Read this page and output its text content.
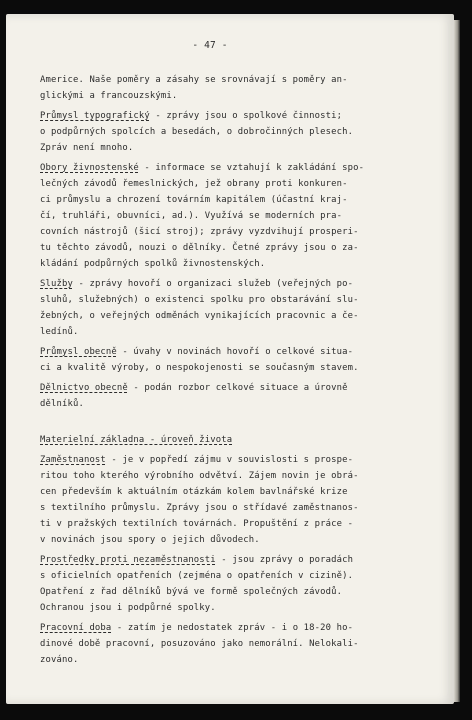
- 47 -
Americe. Naše poměry a zásahy se srovnávají s poměry an-
glickými a francouzskými.
Průmysl typografický - zprávy jsou o spolkové činnosti;
o podpůrných spolcích a besedách, o dobročinných plesech.
Zpráv není mnoho.
Obory živnostenské - informace se vztahují k zakládání spo-
lečných závodů řemeslnických, jež obrany proti konkuren-
ci průmyslu a chrození továrním kapitálem (účastní kraj-
čí, truhláři, obuvníci, ad.). Využívá se moderních pra-
covních nástrojů (šicí stroj); zprávy vyzdvihují prosperi-
tu těchto závodů, nouzi o dělníky. Četné zprávy jsou o za-
kládání podpůrných spolků živnostenských.
Služby - zprávy hovoří o organizaci služeb (veřejných po-
sluhů, služebných) o existenci spolku pro obstarávání slu-
žebných, o veřejných odměnách vynikajících pracovnic a če-
ledínů.
Průmysl obecně - úvahy v novinách hovoří o celkové situa-
ci a kvalitě výroby, o nespokojenosti se současným stavem.
Dělnictvo obecně - podán rozbor celkové situace a úrovně
dělníků.
Materielní základna - úroveň života
Zaměstnanost - je v popředí zájmu v souvislosti s prospe-
ritou toho kterého výrobního odvětví. Zájem novin je obrá-
cen především k aktuálním otázkám kolem bavlnářské krize
s textilního průmyslu. Zprávy jsou o střídavé zaměstnanos-
ti v pražských textilních továrnách. Propuštění z práce -
v novinách jsou spory o jejich důvodech.
Prostředky proti nezaměstnanosti - jsou zprávy o poradách
s oficielních opatřeních (zejména o opatřeních v cizině).
Opatření z řad dělníků bývá ve formě společných závodů.
Ochranou jsou i podpůrné spolky.
Pracovní doba - zatím je nedostatek zpráv - i o 18-20 ho-
dinové době pracovní, posuzováno jako nemorální. Nelokali-
zováno.
